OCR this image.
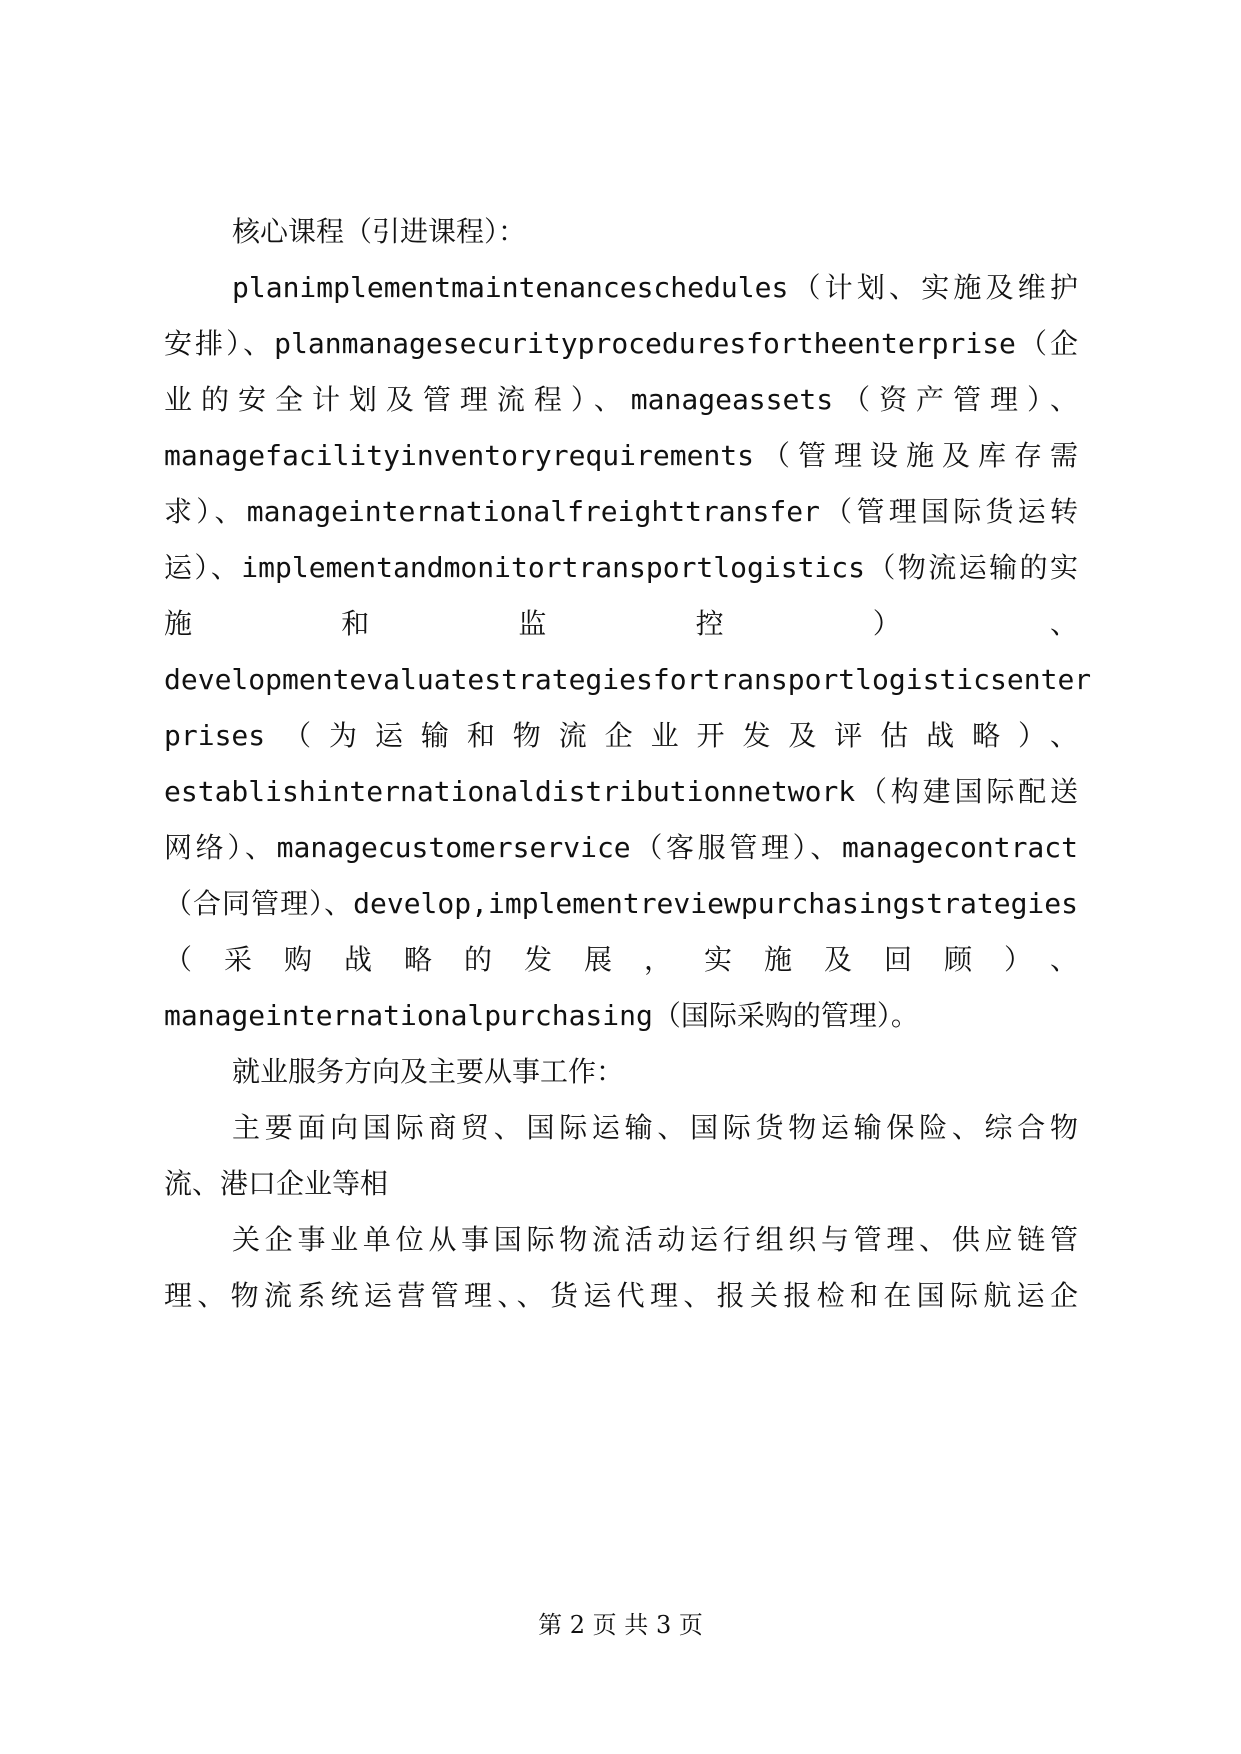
核心课程（引进课程）：
planimplementmaintenanceschedules（计划、实施及维护
安排）、planmanagesecurityproceduresfortheenterprise（企
业的安全计划及管理流程）、manageassets（资产管理）、
managefacilityinventoryrequirements（管理设施及库存需
求）、manageinternationalfreighttransfer（管理国际货运转
运）、implementandmonitortransportlogistics（物流运输的实
施	和	监	控	）	、
developmentevaluatestrategiesfortransportlogisticsenter
prises（为运输和物流企业开发及评估战略）、
establishinternationaldistributionnetwork（构建国际配送
网络）、managecustomerservice（客服管理）、managecontract
（合同管理）、develop,implementreviewpurchasingstrategies
（采购战略的发展，实施及回顾）、
manageinternationalpurchasing（国际采购的管理）。
就业服务方向及主要从事工作：
主要面向国际商贸、国际运输、国际货物运输保险、综合物
流、港口企业等相
关企事业单位从事国际物流活动运行组织与管理、供应链管
理、物流系统运营管理、、货运代理、报关报检和在国际航运企
第 2 页 共 3 页
